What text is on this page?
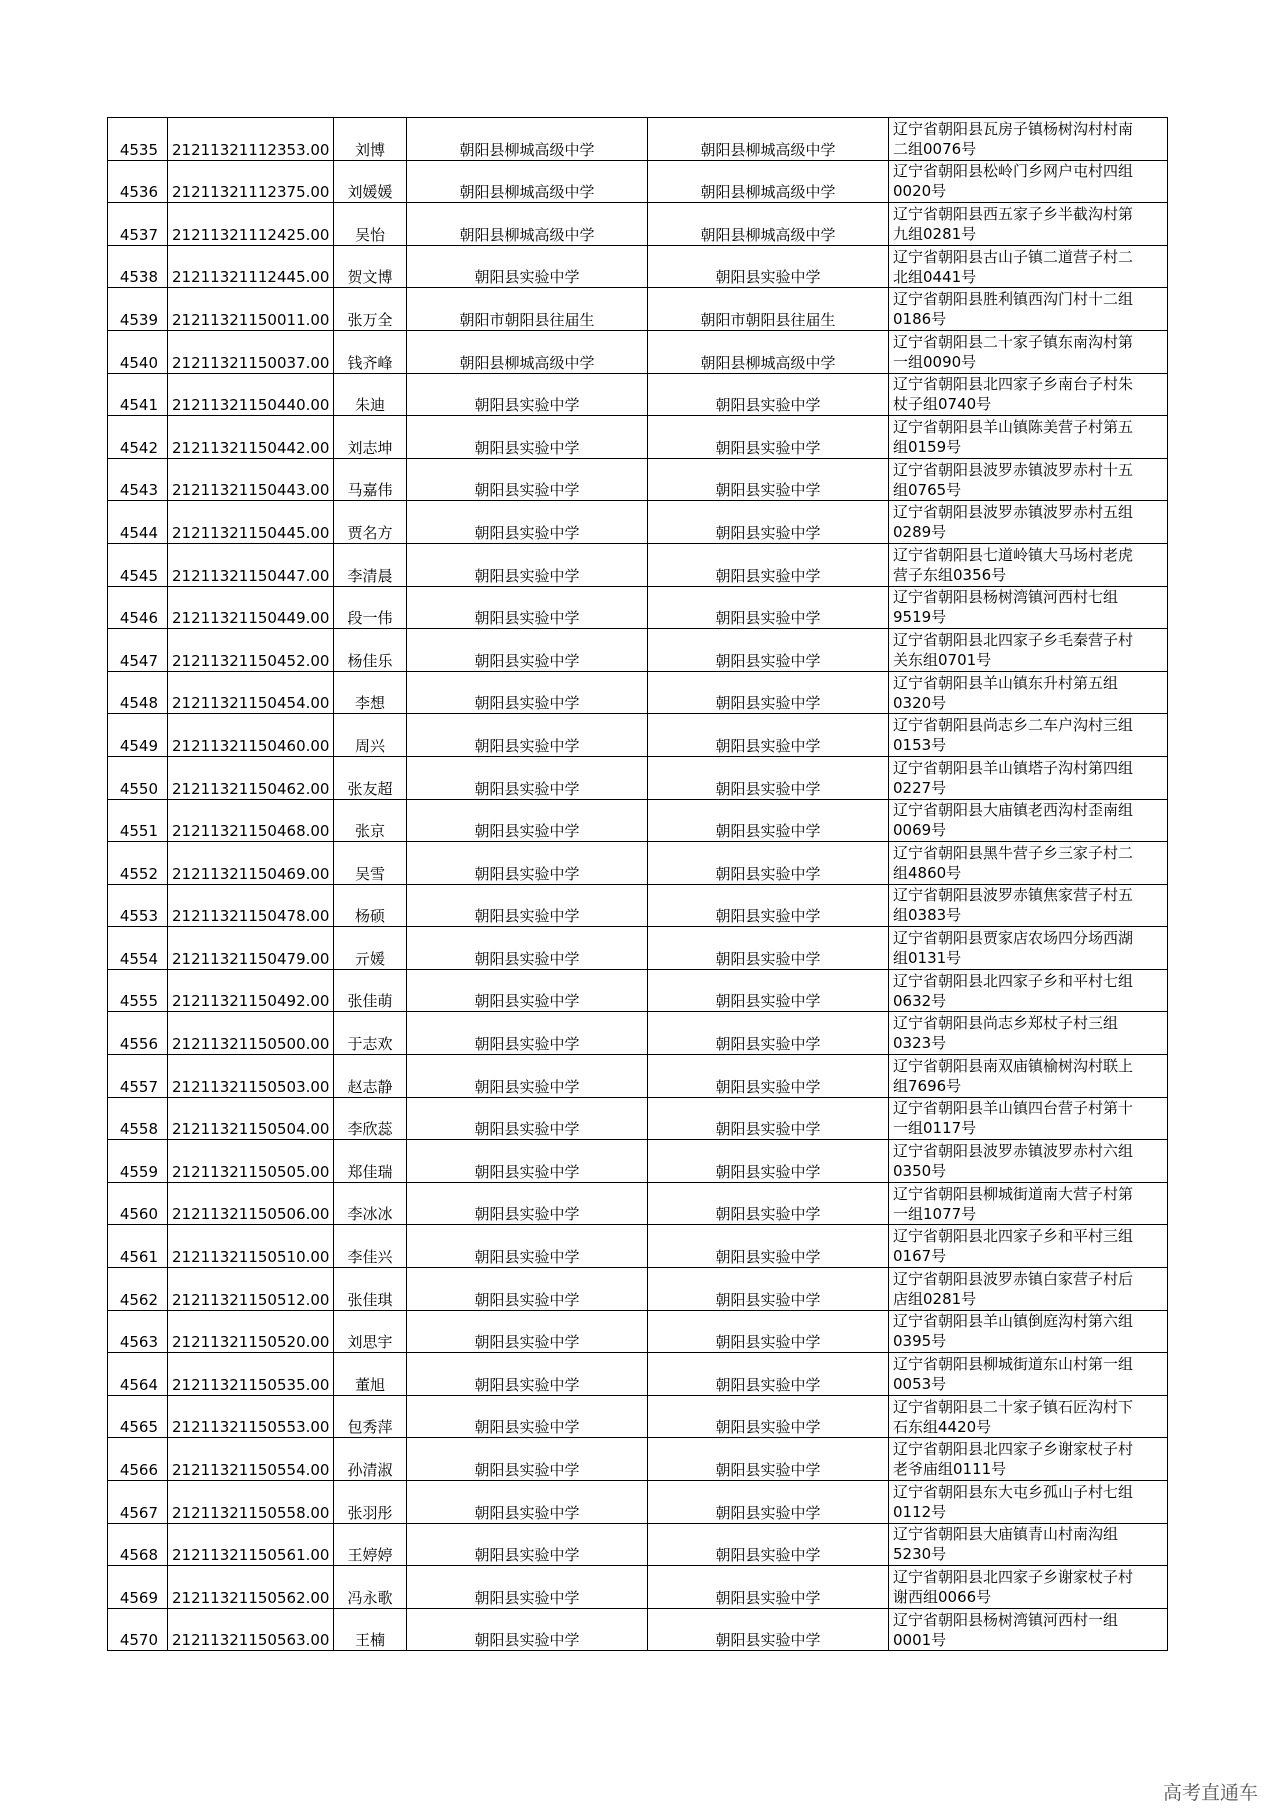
4535	21211321112353.00	刘博	朝阳县柳城高级中学	朝阳县柳城高级中学	辽宁省朝阳县瓦房子镇杨树沟村村南
二组0076号

4536	21211321112375.00	刘媛媛	朝阳县柳城高级中学	朝阳县柳城高级中学	辽宁省朝阳县松岭门乡网户屯村四组
0020号

4537	21211321112425.00	吴怡	朝阳县柳城高级中学	朝阳县柳城高级中学	辽宁省朝阳县西五家子乡半截沟村第
九组0281号

4538	21211321112445.00	贺文博	朝阳县实验中学	朝阳县实验中学	辽宁省朝阳县古山子镇二道营子村二
北组0441号

4539	21211321150011.00	张万全	朝阳市朝阳县往届生	朝阳市朝阳县往届生	辽宁省朝阳县胜利镇西沟门村十二组
0186号

4540	21211321150037.00	钱齐峰	朝阳县柳城高级中学	朝阳县柳城高级中学	辽宁省朝阳县二十家子镇东南沟村第
一组0090号

4541	21211321150440.00	朱迪	朝阳县实验中学	朝阳县实验中学	辽宁省朝阳县北四家子乡南台子村朱
杖子组0740号

4542	21211321150442.00	刘志坤	朝阳县实验中学	朝阳县实验中学	辽宁省朝阳县羊山镇陈美营子村第五
组0159号

4543	21211321150443.00	马嘉伟	朝阳县实验中学	朝阳县实验中学	辽宁省朝阳县波罗赤镇波罗赤村十五
组0765号

4544	21211321150445.00	贾名方	朝阳县实验中学	朝阳县实验中学	辽宁省朝阳县波罗赤镇波罗赤村五组
0289号

4545	21211321150447.00	李清晨	朝阳县实验中学	朝阳县实验中学	辽宁省朝阳县七道岭镇大马场村老虎
营子东组0356号

4546	21211321150449.00	段一伟	朝阳县实验中学	朝阳县实验中学	辽宁省朝阳县杨树湾镇河西村七组
9519号

4547	21211321150452.00	杨佳乐	朝阳县实验中学	朝阳县实验中学	辽宁省朝阳县北四家子乡毛秦营子村
关东组0701号

4548	21211321150454.00	李想	朝阳县实验中学	朝阳县实验中学	辽宁省朝阳县羊山镇东升村第五组
0320号

4549	21211321150460.00	周兴	朝阳县实验中学	朝阳县实验中学	辽宁省朝阳县尚志乡二车户沟村三组
0153号

4550	21211321150462.00	张友超	朝阳县实验中学	朝阳县实验中学	辽宁省朝阳县羊山镇塔子沟村第四组
0227号

4551	21211321150468.00	张京	朝阳县实验中学	朝阳县实验中学	辽宁省朝阳县大庙镇老西沟村歪南组
0069号

4552	21211321150469.00	吴雪	朝阳县实验中学	朝阳县实验中学	辽宁省朝阳县黑牛营子乡三家子村二
组4860号

4553	21211321150478.00	杨硕	朝阳县实验中学	朝阳县实验中学	辽宁省朝阳县波罗赤镇焦家营子村五
组0383号

4554	21211321150479.00	亓媛	朝阳县实验中学	朝阳县实验中学	辽宁省朝阳县贾家店农场四分场西湖
组0131号

4555	21211321150492.00	张佳萌	朝阳县实验中学	朝阳县实验中学	辽宁省朝阳县北四家子乡和平村七组
0632号

4556	21211321150500.00	于志欢	朝阳县实验中学	朝阳县实验中学	辽宁省朝阳县尚志乡郑杖子村三组
0323号

4557	21211321150503.00	赵志静	朝阳县实验中学	朝阳县实验中学	辽宁省朝阳县南双庙镇榆树沟村联上
组7696号

4558	21211321150504.00	李欣蕊	朝阳县实验中学	朝阳县实验中学	辽宁省朝阳县羊山镇四台营子村第十
一组0117号

4559	21211321150505.00	郑佳瑞	朝阳县实验中学	朝阳县实验中学	辽宁省朝阳县波罗赤镇波罗赤村六组
0350号

4560	21211321150506.00	李冰冰	朝阳县实验中学	朝阳县实验中学	辽宁省朝阳县柳城街道南大营子村第
一组1077号

4561	21211321150510.00	李佳兴	朝阳县实验中学	朝阳县实验中学	辽宁省朝阳县北四家子乡和平村三组
0167号

4562	21211321150512.00	张佳琪	朝阳县实验中学	朝阳县实验中学	辽宁省朝阳县波罗赤镇白家营子村后
店组0281号

4563	21211321150520.00	刘思宇	朝阳县实验中学	朝阳县实验中学	辽宁省朝阳县羊山镇倒庭沟村第六组
0395号

4564	21211321150535.00	董旭	朝阳县实验中学	朝阳县实验中学	辽宁省朝阳县柳城街道东山村第一组
0053号

4565	21211321150553.00	包秀萍	朝阳县实验中学	朝阳县实验中学	辽宁省朝阳县二十家子镇石匠沟村下
石东组4420号

4566	21211321150554.00	孙清淑	朝阳县实验中学	朝阳县实验中学	辽宁省朝阳县北四家子乡谢家杖子村
老爷庙组0111号

4567	21211321150558.00	张羽彤	朝阳县实验中学	朝阳县实验中学	辽宁省朝阳县东大屯乡孤山子村七组
0112号

4568	21211321150561.00	王婷婷	朝阳县实验中学	朝阳县实验中学	辽宁省朝阳县大庙镇青山村南沟组
5230号

4569	21211321150562.00	冯永歌	朝阳县实验中学	朝阳县实验中学	辽宁省朝阳县北四家子乡谢家杖子村
谢西组0066号

4570	21211321150563.00	王楠	朝阳县实验中学	朝阳县实验中学	辽宁省朝阳县杨树湾镇河西村一组
0001号
高考直通车
